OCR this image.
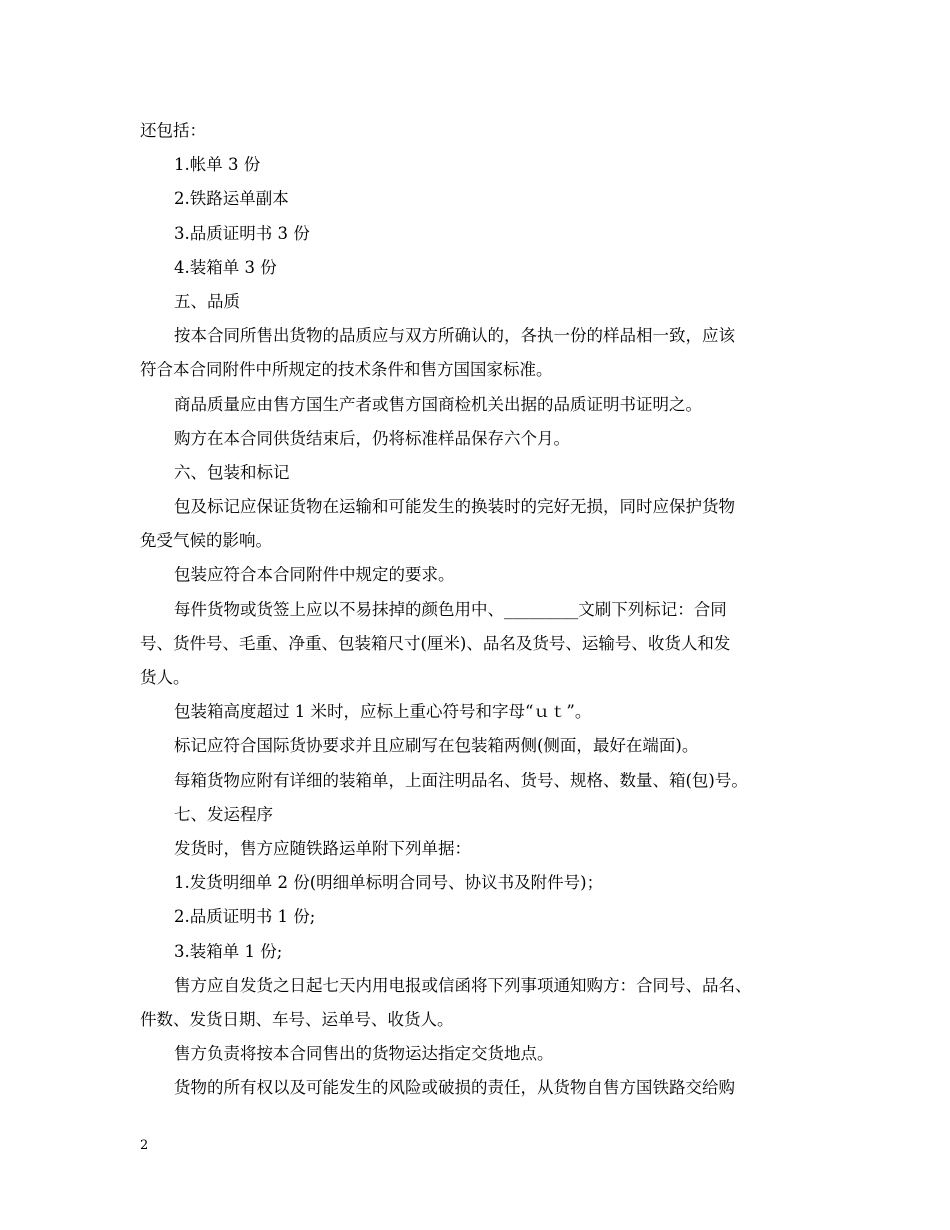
还包括：
1.帐单 3 份
2.铁路运单副本
3.品质证明书 3 份
4.装箱单 3 份
五、品质
按本合同所售出货物的品质应与双方所确认的，各执一份的样品相一致，应该
符合本合同附件中所规定的技术条件和售方国国家标准。
商品质量应由售方国生产者或售方国商检机关出据的品质证明书证明之。
购方在本合同供货结束后，仍将标准样品保存六个月。
六、包装和标记
包及标记应保证货物在运输和可能发生的换装时的完好无损，同时应保护货物
免受气候的影响。
包装应符合本合同附件中规定的要求。
每件货物或货签上应以不易抹掉的颜色用中、_________文刷下列标记：合同
号、货件号、毛重、净重、包装箱尺寸(厘米)、品名及货号、运输号、收货人和发
货人。
包装箱高度超过 1 米时，应标上重心符号和字母“ｕｔ”。
标记应符合国际货协要求并且应刷写在包装箱两侧(侧面，最好在端面)。
每箱货物应附有详细的装箱单，上面注明品名、货号、规格、数量、箱(包)号。
七、发运程序
发货时，售方应随铁路运单附下列单据：
1.发货明细单 2 份(明细单标明合同号、协议书及附件号)；
2.品质证明书 1 份;
3.装箱单 1 份;
售方应自发货之日起七天内用电报或信函将下列事项通知购方：合同号、品名、
件数、发货日期、车号、运单号、收货人。
售方负责将按本合同售出的货物运达指定交货地点。
货物的所有权以及可能发生的风险或破损的责任，从货物自售方国铁路交给购
2
